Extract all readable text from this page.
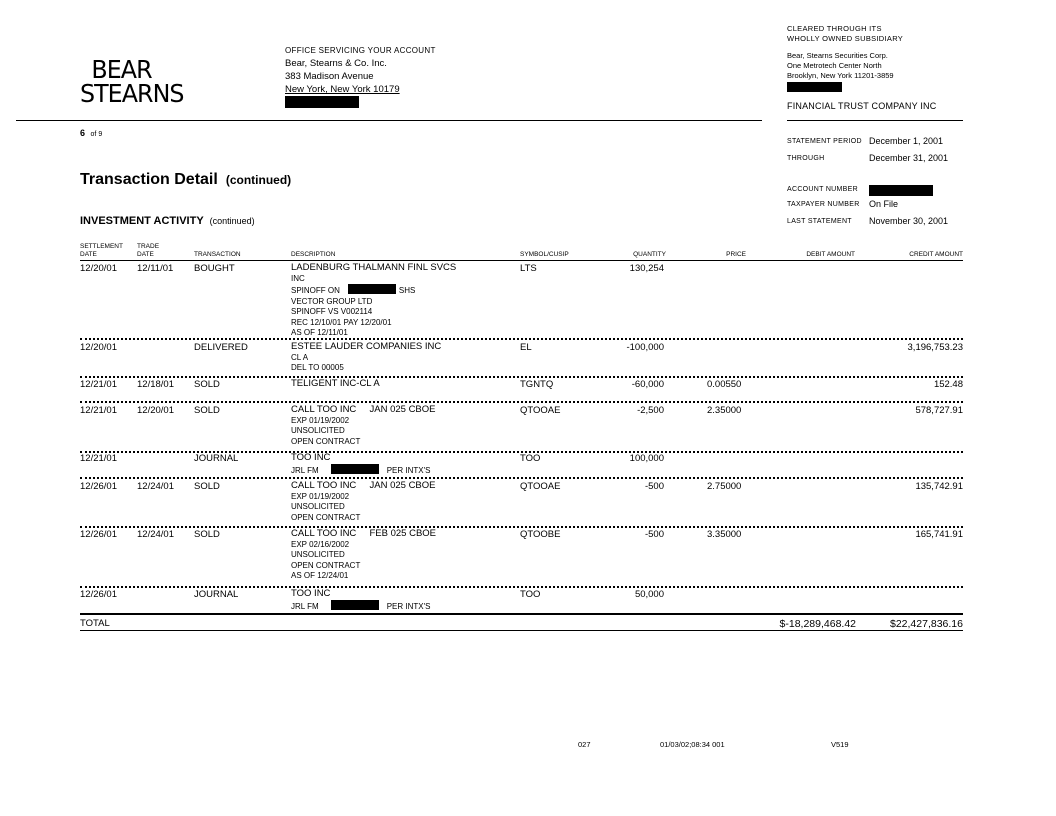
BEAR
STEARNS
OFFICE SERVICING YOUR ACCOUNT
Bear, Stearns & Co. Inc.
383 Madison Avenue
New York, New York 10179
CLEARED THROUGH ITS
WHOLLY OWNED SUBSIDIARY
Bear, Stearns Securities Corp.
One Metrotech Center North
Brooklyn, New York 11201-3859
FINANCIAL TRUST COMPANY INC
6 of 9
STATEMENT PERIOD December 1, 2001
THROUGH	December 31, 2001
ACCOUNT NUMBER
TAXPAYER NUMBER On File
LAST STATEMENT November 30, 2001
Transaction Detail (continued)
INVESTMENT ACTIVITY (continued)
SETTLEMENT
DATE
TRADE
DATE	TRANSACTION	DESCRIPTION	SYMBOL/CUSIP	QUANTITY	PRICE	DEBIT AMOUNT	CREDIT AMOUNT
12/20/01 12/11/01 BOUGHT	LADENBURG THALMANN FINL SVCS
INC
SPINOFF ON	SHS
VECTOR GROUP LTD
SPINOFF VS V002114
REC 12/10/01 PAY 12/20/01
AS OF 12/11/01
LTS	130,254
12/20/01	DELIVERED	ESTEE LAUDER COMPANIES INC
CL A
DEL TO 00005
EL	-100,000	3,196,753.23
12/21/01 12/18/01 SOLD	TELIGENT INC-CL A	TGNTQ	-60,000	0.00550	152.48
12/21/01 12/20/01 SOLD	CALL TOO INC     JAN 025 CBOE
EXP 01/19/2002
UNSOLICITED
OPEN CONTRACT
QTOOAE	-2,500	2.35000	578,727.91
12/21/01	JOURNAL	TOO INC
JRL FM	PER INTX'S
TOO	100,000
12/26/01 12/24/01 SOLD	CALL TOO INC     JAN 025 CBOE
EXP 01/19/2002
UNSOLICITED
OPEN CONTRACT
QTOOAE	-500	2.75000	135,742.91
12/26/01 12/24/01 SOLD	CALL TOO INC     FEB 025 CBOE
EXP 02/16/2002
UNSOLICITED
OPEN CONTRACT
AS OF 12/24/01
QTOOBE	-500	3.35000	165,741.91
12/26/01	JOURNAL	TOO INC
JRL FM	PER INTX'S
TOO	50,000
TOTAL	$-18,289,468.42	$22,427,836.16
027	01/03/02;08:34 001	V519
